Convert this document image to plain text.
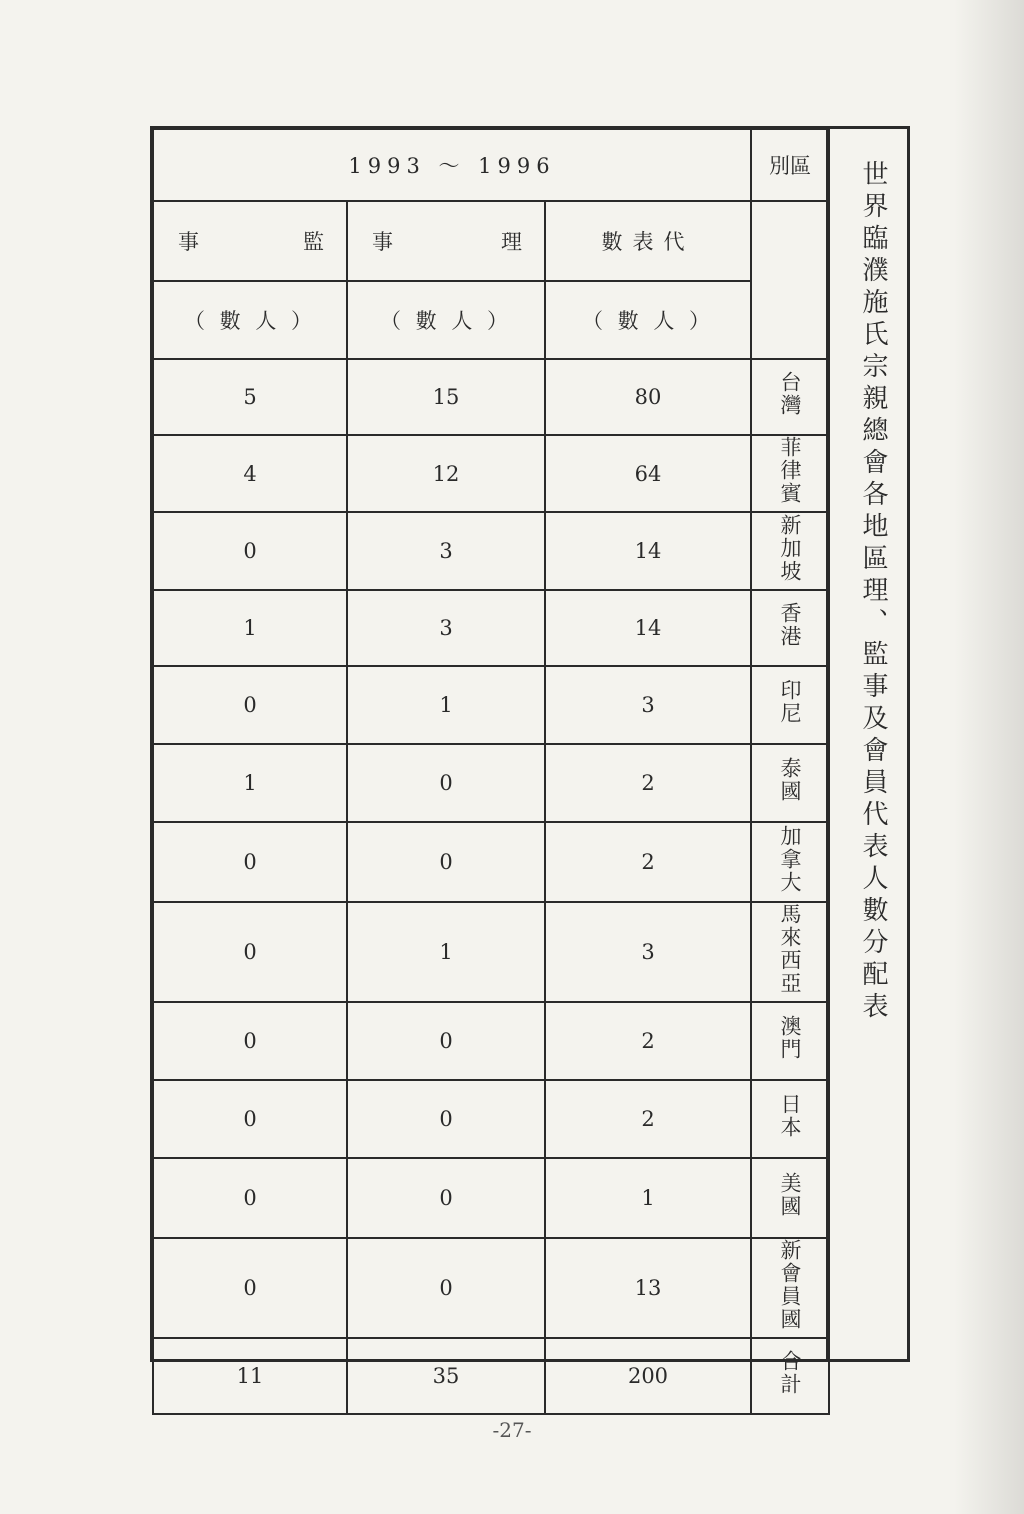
世界臨濮施氏宗親總會各地區理、監事及會員代表人數分配表
1993 ～ 1996			別區

事 監	事 理	數表代	
（ 數 人 ）	（ 數 人 ）	（ 數 人 ）	
5	15	80	台灣
4	12	64	菲律賓
0	3	14	新加坡
1	3	14	香港
0	1	3	印尼
1	0	2	泰國
0	0	2	加拿大
0	1	3	馬來西亞
0	0	2	澳門
0	0	2	日本
0	0	1	美國
0	0	13	新會員國
11	35	200	合計
-27-
